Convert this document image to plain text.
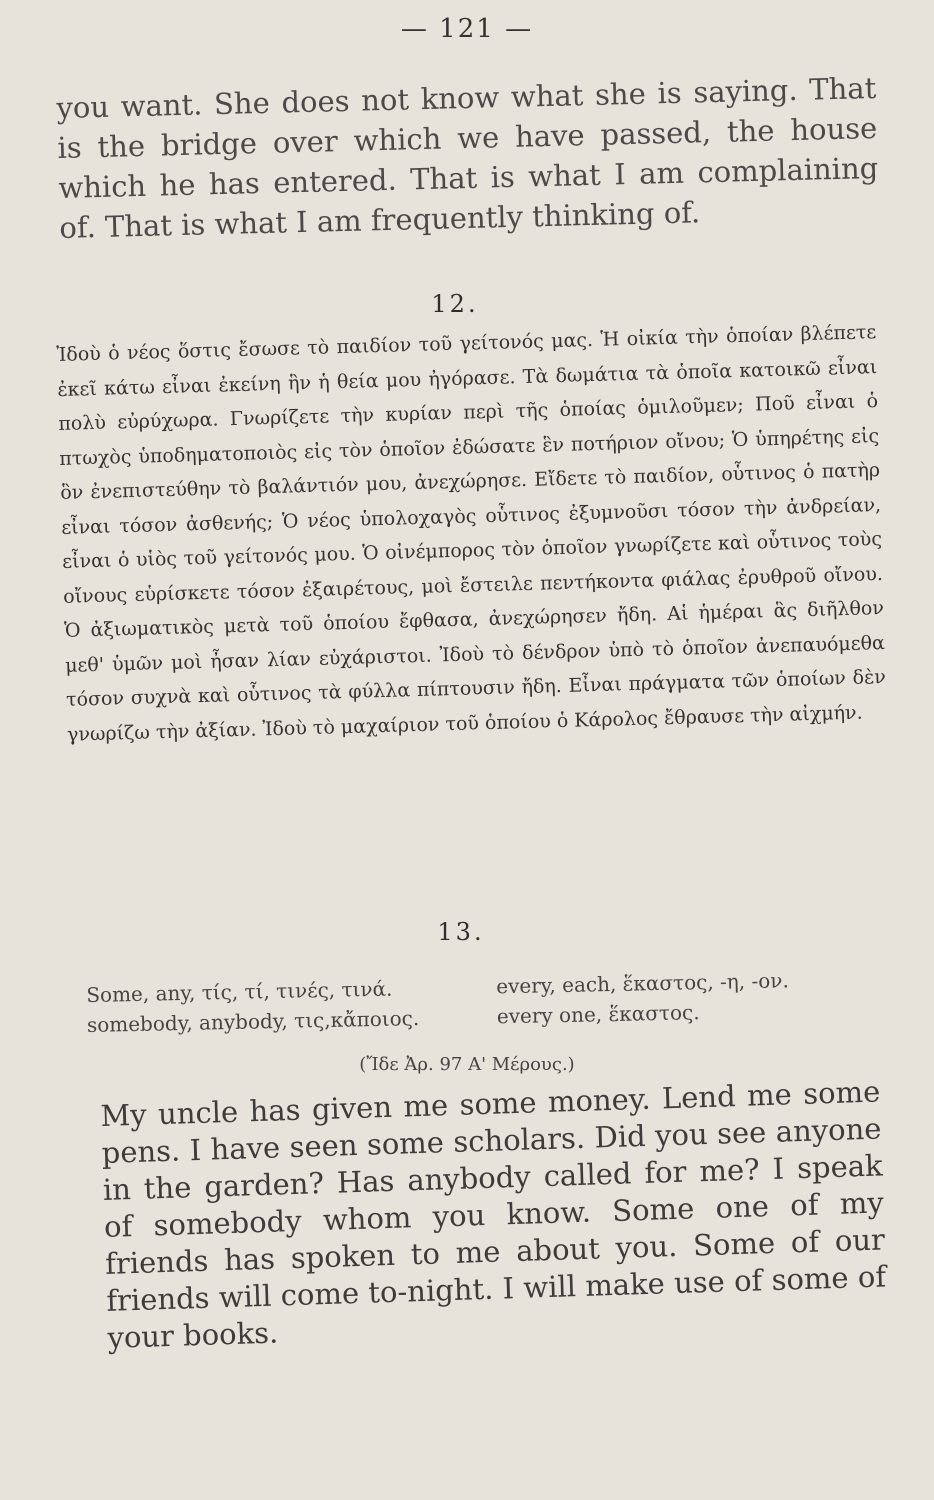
— 121 —

you want. She does not know what she is saying. That is the bridge over which we have passed, the house which he has entered. That is what I am complaining of. That is what I am frequently thinking of.

12.

Ἰδοὺ ὁ νέος ὅστις ἔσωσε τὸ παιδίον τοῦ γείτονός μας. Ἡ οἰκία τὴν ὁποίαν βλέπετε ἐκεῖ κάτω εἶναι ἐκείνη ἣν ἡ θεία μου ἠγόρασε. Τὰ δωμάτια τὰ ὁποῖα κατοικῶ εἶναι πολὺ εὐρύχωρα. Γνωρίζετε τὴν κυρίαν περὶ τῆς ὁποίας ὁμιλοῦμεν; Ποῦ εἶναι ὁ πτωχὸς ὑποδηματοποιὸς εἰς τὸν ὁποῖον ἐδώσατε ἓν ποτήριον οἴνου; Ὁ ὑπηρέτης εἰς ὃν ἐνεπιστεύθην τὸ βαλάντιόν μου, ἀνεχώρησε. Εἴδετε τὸ παιδίον, οὗτινος ὁ πατὴρ εἶναι τόσον ἀσθενής; Ὁ νέος ὑπολοχαγὸς οὗτινος ἐξυμνοῦσι τόσον τὴν ἀνδρείαν, εἶναι ὁ υἱὸς τοῦ γείτονός μου. Ὁ οἰνέμπορος τὸν ὁποῖον γνωρίζετε καὶ οὗτινος τοὺς οἴνους εὑρίσκετε τόσον ἐξαιρέτους, μοὶ ἔστειλε πεντήκοντα φιάλας ἐρυθροῦ οἴνου. Ὁ ἀξιωματικὸς μετὰ τοῦ ὁποίου ἔφθασα, ἀνεχώρησεν ἤδη. Αἱ ἡμέραι ἃς διῆλθον μεθ' ὑμῶν μοὶ ἦσαν λίαν εὐχάριστοι. Ἰδοὺ τὸ δένδρον ὑπὸ τὸ ὁποῖον ἀνεπαυόμεθα τόσον συχνὰ καὶ οὗτινος τὰ φύλλα πίπτουσιν ἤδη. Εἶναι πράγματα τῶν ὁποίων δὲν γνωρίζω τὴν ἀξίαν. Ἰδοὺ τὸ μαχαίριον τοῦ ὁποίου ὁ Κάρολος ἔθραυσε τὴν αἰχμήν.

13.
Some, any, τίς, τί, τινές, τινά.
somebody, anybody, τις,κἄποιος.
every, each, ἕκαστος, -η, -ον.
every one, ἕκαστος.
(Ἴδε Ἀρ. 97 Α' Μέρους.)

My uncle has given me some money. Lend me some pens. I have seen some scholars. Did you see anyone in the garden? Has anybody called for me? I speak of somebody whom you know. Some one of my friends has spoken to me about you. Some of our friends will come to-night. I will make use of some of your books.
